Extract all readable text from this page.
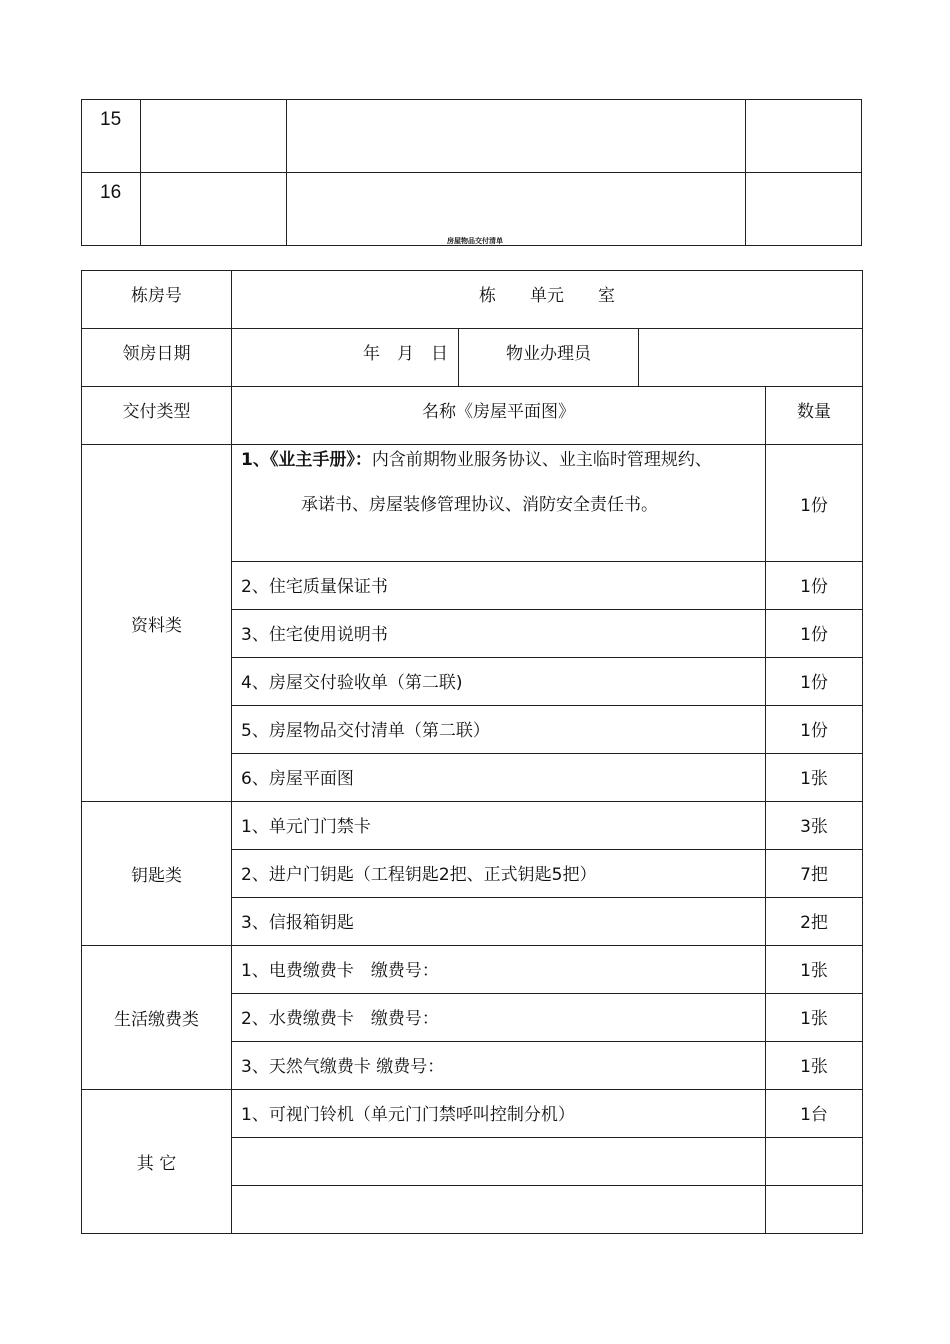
15			
16			
房屋物品交付清单
栋房号	栋　　单元　　室			
领房日期	年　月　日	物业办理员		
交付类型	名称《房屋平面图》			数量
资料类	1、《业主手册》：内含前期物业服务协议、业主临时管理规约、
承诺书、房屋装修管理协议、消防安全责任书。			1份
	2、住宅质量保证书			1份
	3、住宅使用说明书			1份
	4、房屋交付验收单（第二联)			1份
	5、房屋物品交付清单（第二联）			1份
	6、房屋平面图			1张
钥匙类	1、单元门门禁卡			3张
	2、进户门钥匙（工程钥匙2把、正式钥匙5把）			7把
	3、信报箱钥匙			2把
生活缴费类	1、电费缴费卡　缴费号：			1张
	2、水费缴费卡　缴费号：			1张
	3、天然气缴费卡 缴费号：			1张
其 它	1、可视门铃机（单元门门禁呼叫控制分机）			1台
